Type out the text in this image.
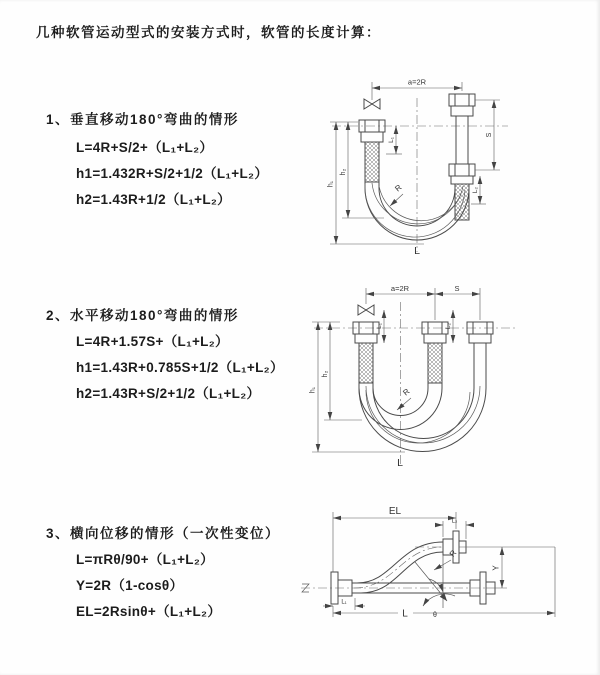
几种软管运动型式的安装方式时，软管的长度计算：
1、垂直移动180°弯曲的情形
L=4R+S/2+（L₁+L₂）
h1=1.432R+S/2+1/2（L₁+L₂）
h2=1.43R+1/2（L₁+L₂）
2、水平移动180°弯曲的情形
L=4R+1.57S+（L₁+L₂）
h1=1.43R+0.785S+1/2（L₁+L₂）
h2=1.43R+S/2+1/2（L₁+L₂）
3、横向位移的情形（一次性变位）
L=πRθ/90+（L₁+L₂）
Y=2R（1-cosθ）
EL=2Rsinθ+（L₁+L₂）
a=2R
h₁
h₂
L₁
S
L₂
R
L
a=2R	S
h₁
h₂
L₁	L₂
R
L
EL
L₂
Y
L
L₁
θ
R
